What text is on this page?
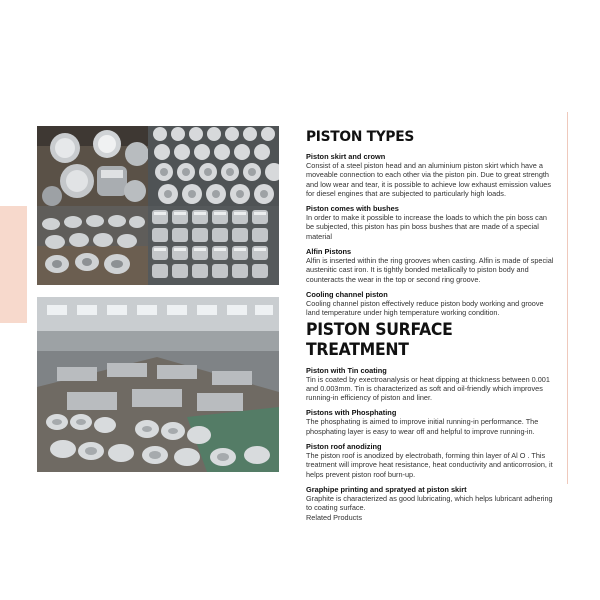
PISTON TYPES
Piston skirt and crown

Consist of a steel piston head and an aluminium piston skirt which have a moveable connection to each other via the piston pin. Due to great strength and low wear and tear, it is possible to achieve low exhaust emission values for diesel engines that are subjected to particularly high loads.

Piston comes with bushes

In order to make it possible to increase the loads to which the pin boss can be subjected, this piston has pin boss bushes that are made of a special material

Alfin Pistons

Alfin is inserted within the ring grooves when casting. Alfin is made of special austenitic cast iron. It is tightly bonded metallically to piston body and counteracts the wear in the top or second ring groove.

Cooling channel piston

Cooling channel piston effectively reduce piston body working and groove land temperature under high temperature working condition.

PISTON SURFACE TREATMENT
Piston with Tin coating

Tin is coated by exectroanalysis or heat dipping at thickness between 0.001 and 0.003mm. Tin is characterized as soft and oil-friendly which improves running-in efficiency of piston and liner.

Pistons with Phosphating

The phosphating is aimed to improve initial running-in performance. The phosphating layer is easy to wear off and helpful to improve running-in.

Piston roof anodizing

The piston roof is anodized by electrobath, forming thin layer of Al O . This treatment will improve heat resistance, heat conductivity and anticorrosion, it helps prevent piston roof burn-up.

Graphipe printing and spratyed at piston skirt

Graphite is characterized as good lubricating, which helps lubricant adhering to coating surface.

Related Products
